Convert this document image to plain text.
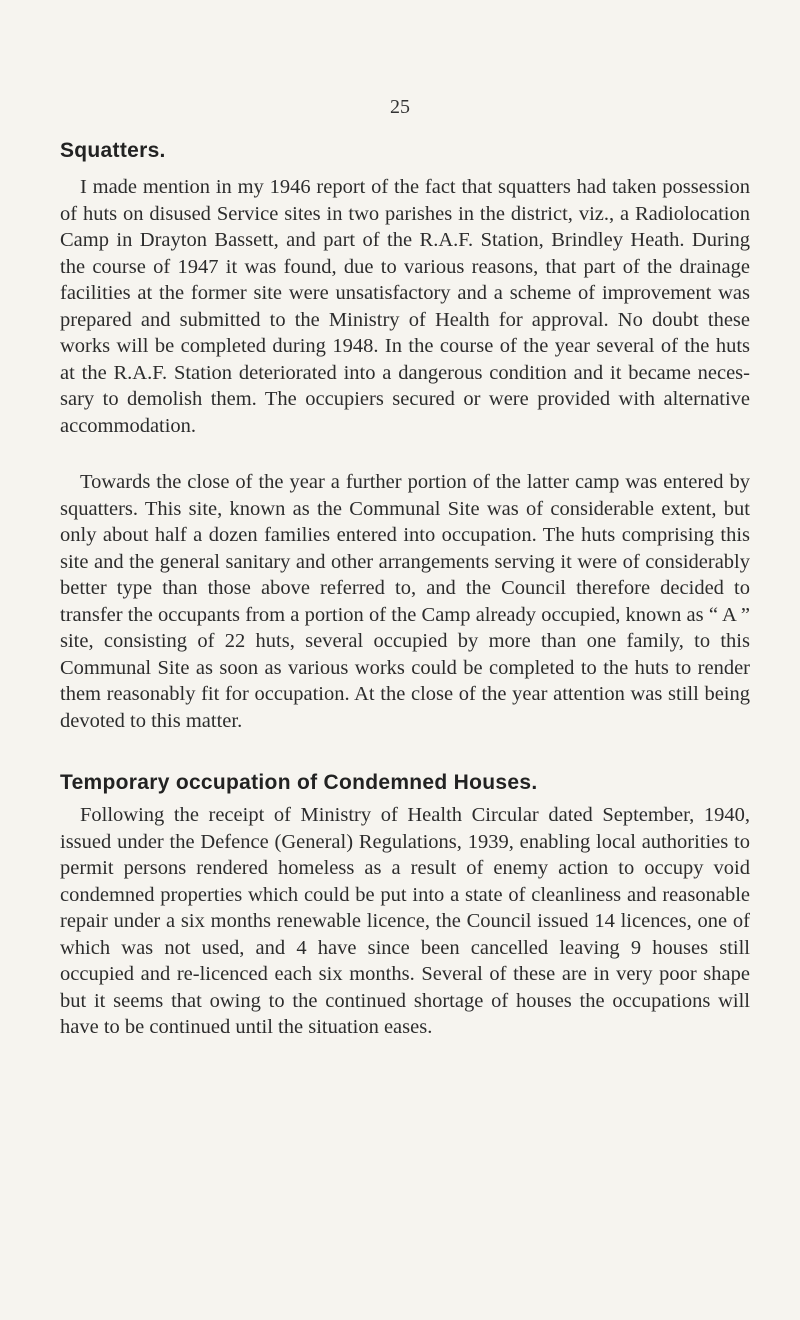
25
Squatters.

I made mention in my 1946 report of the fact that squatters had taken possession of huts on disused Service sites in two parishes in the district, viz., a Radiolocation Camp in Drayton Bassett, and part of the R.A.F. Station, Brindley Heath. During the course of 1947 it was found, due to various reasons, that part of the drainage facilities at the former site were unsatisfactory and a scheme of improvement was prepared and submitted to the Ministry of Health for approval. No doubt these works will be completed during 1948. In the course of the year several of the huts at the R.A.F. Station deteriorated into a dangerous condition and it became necessary to demolish them. The occupiers secured or were provided with alternative accommodation.

Towards the close of the year a further portion of the latter camp was entered by squatters. This site, known as the Communal Site was of considerable extent, but only about half a dozen families entered into occupation. The huts comprising this site and the general sanitary and other arrangements serving it were of considerably better type than those above referred to, and the Council therefore decided to transfer the occupants from a portion of the Camp already occupied, known as “ A ” site, consisting of 22 huts, several occupied by more than one family, to this Communal Site as soon as various works could be completed to the huts to render them reasonably fit for occupation. At the close of the year attention was still being devoted to this matter.

Temporary occupation of Condemned Houses.

Following the receipt of Ministry of Health Circular dated September, 1940, issued under the Defence (General) Regulations, 1939, enabling local authorities to permit persons rendered homeless as a result of enemy action to occupy void condemned properties which could be put into a state of cleanliness and reasonable repair under a six months renewable licence, the Council issued 14 licences, one of which was not used, and 4 have since been cancelled leaving 9 houses still occupied and re-licenced each six months. Several of these are in very poor shape but it seems that owing to the continued shortage of houses the occupations will have to be continued until the situation eases.
